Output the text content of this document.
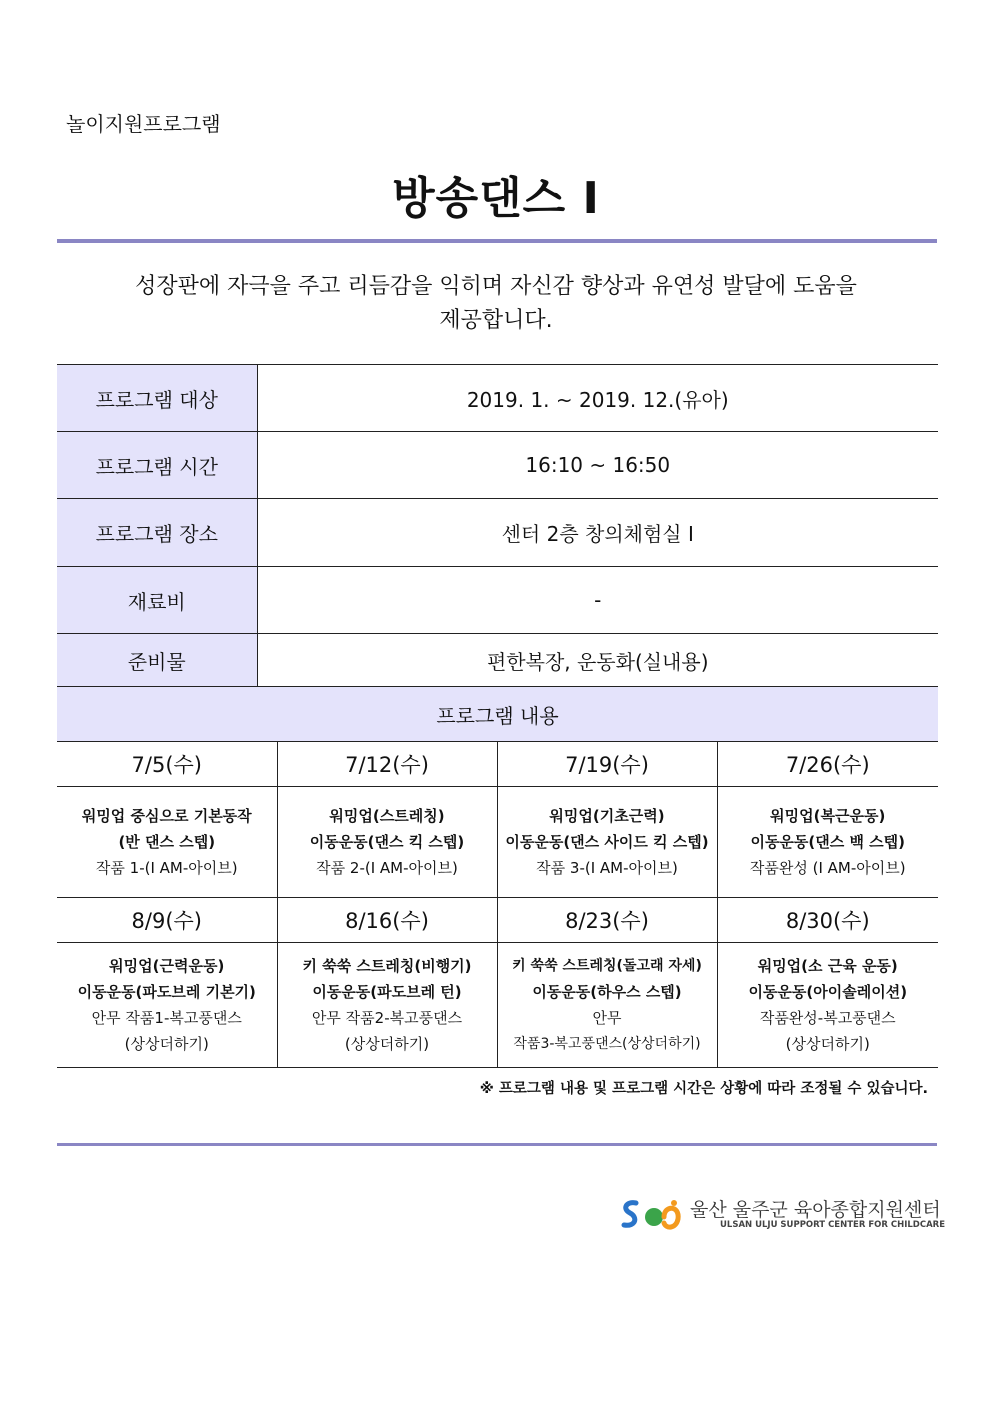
놀이지원프로그램
방송댄스 Ⅰ
성장판에 자극을 주고 리듬감을 익히며 자신감 향상과 유연성 발달에 도움을
제공합니다.
프로그램 대상	2019. 1. ~ 2019. 12.(유아)
프로그램 시간	16:10 ~ 16:50
프로그램 장소	센터 2층 창의체험실 Ⅰ
재료비	-
준비물	편한복장, 운동화(실내용)
프로그램 내용	
7/5(수)	7/12(수)	7/19(수)	7/26(수)

워밍업 중심으로 기본동작
(반 댄스 스텝)
작품 1-(I AM-아이브)	워밍업(스트레칭)
이동운동(댄스 킥 스텝)
작품 2-(I AM-아이브)	워밍업(기초근력)
이동운동(댄스 사이드 킥 스텝)
작품 3-(I AM-아이브)	워밍업(복근운동)
이동운동(댄스 백 스텝)
작품완성 (I AM-아이브)

8/9(수)	8/16(수)	8/23(수)	8/30(수)

워밍업(근력운동)
이동운동(파도브레 기본기)
안무 작품1-복고풍댄스
(상상더하기)	키 쑥쑥 스트레칭(비행기)
이동운동(파도브레 턴)
안무 작품2-복고풍댄스
(상상더하기)	키 쑥쑥 스트레칭(돌고래 자세)
이동운동(하우스 스텝)
안무
작품3-복고풍댄스(상상더하기)	워밍업(소 근육 운동)
이동운동(아이솔레이션)
작품완성-복고풍댄스
(상상더하기)
※ 프로그램 내용 및 프로그램 시간은 상황에 따라 조정될 수 있습니다.
울산 울주군 육아종합지원센터
ULSAN ULJU SUPPORT CENTER FOR CHILDCARE
